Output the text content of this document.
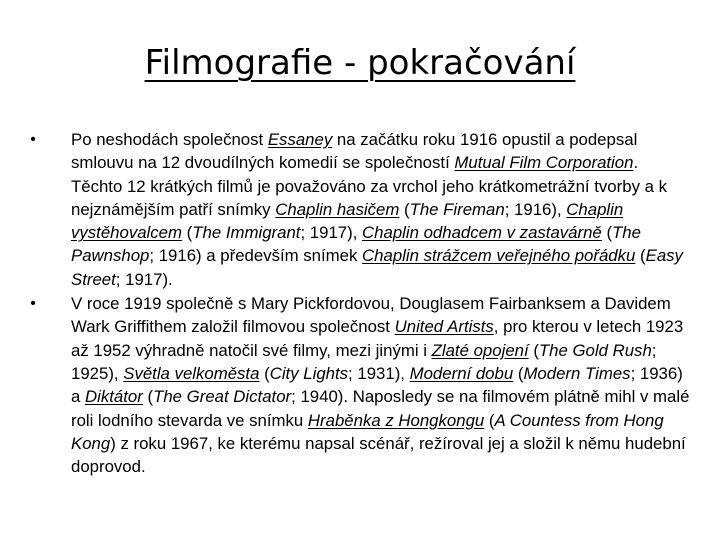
Filmografie - pokračování
• Po neshodách společnost Essaney na začátku roku 1916 opustil a podepsal smlouvu na 12 dvoudílných komedií se společností Mutual Film Corporation. Těchto 12 krátkých filmů je považováno za vrchol jeho krátkometrážní tvorby a k nejznámějším patří snímky Chaplin hasičem (The Fireman; 1916), Chaplin vystěhovalcem (The Immigrant; 1917), Chaplin odhadcem v zastavárně (The Pawnshop; 1916) a především snímek Chaplin strážcem veřejného pořádku (Easy Street; 1917).
• V roce 1919 společně s Mary Pickfordovou, Douglasem Fairbanksem a Davidem Wark Griffithem založil filmovou společnost United Artists, pro kterou v letech 1923 až 1952 výhradně natočil své filmy, mezi jinými i Zlaté opojení (The Gold Rush; 1925), Světla velkoměsta (City Lights; 1931), Moderní dobu (Modern Times; 1936) a Diktátor (The Great Dictator; 1940). Naposledy se na filmovém plátně mihl v malé roli lodního stevarda ve snímku Hraběnka z Hongkongu (A Countess from Hong Kong) z roku 1967, ke kterému napsal scénář, režíroval jej a složil k němu hudební doprovod.
